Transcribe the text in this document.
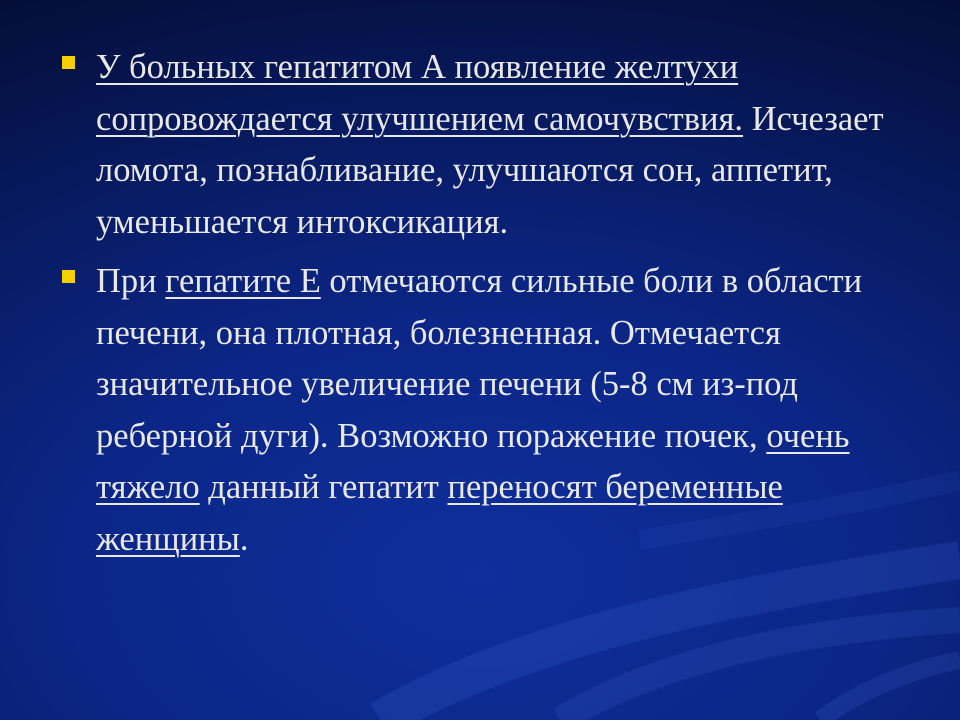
У больных гепатитом А появление желтухи сопровождается улучшением самочувствия. Исчезает ломота, познабливание, улучшаются сон, аппетит, уменьшается интоксикация.
При гепатите Е отмечаются сильные боли в области печени, она плотная, болезненная. Отмечается значительное увеличение печени (5-8 см из-под реберной дуги). Возможно поражение почек, очень тяжело данный гепатит переносят беременные женщины.
